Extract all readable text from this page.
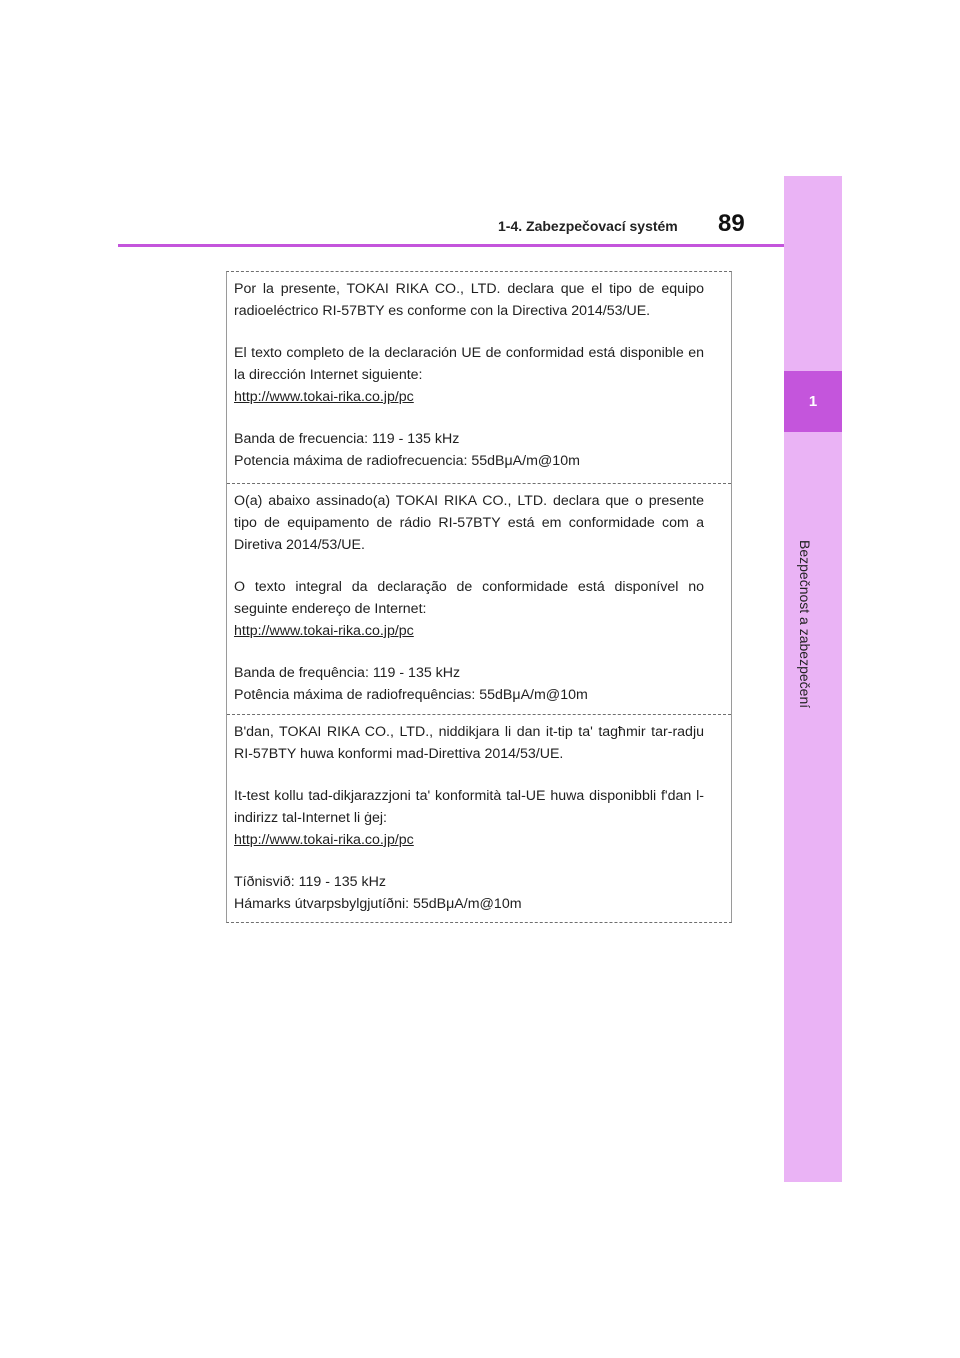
1
Bezpečnost a zabezpečení
1-4. Zabezpečovací systém 89

Por la presente, TOKAI RIKA CO., LTD. declara que el tipo de equipo radioeléctrico RI-57BTY es conforme con la Directiva 2014/53/UE.

El texto completo de la declaración UE de conformidad está disponible en la dirección Internet siguiente:
http://www.tokai-rika.co.jp/pc

Banda de frecuencia: 119 - 135 kHz

Potencia máxima de radiofrecuencia: 55dBμA/m@10m

O(a) abaixo assinado(a) TOKAI RIKA CO., LTD. declara que o presente tipo de equipamento de rádio RI-57BTY está em conformidade com a Diretiva 2014/53/UE.

O texto integral da declaração de conformidade está disponível no seguinte endereço de Internet:
http://www.tokai-rika.co.jp/pc

Banda de frequência: 119 - 135 kHz

Potência máxima de radiofrequências: 55dBμA/m@10m

B'dan, TOKAI RIKA CO., LTD., niddikjara li dan it-tip ta' tagħmir tar-radju RI-57BTY huwa konformi mad-Direttiva 2014/53/UE.

It-test kollu tad-dikjarazzjoni ta' konformità tal-UE huwa disponibbli f'dan l-indirizz tal-Internet li ġej:
http://www.tokai-rika.co.jp/pc

Tíðnisvið: 119 - 135 kHz

Hámarks útvarpsbylgjutíðni: 55dBμA/m@10m
